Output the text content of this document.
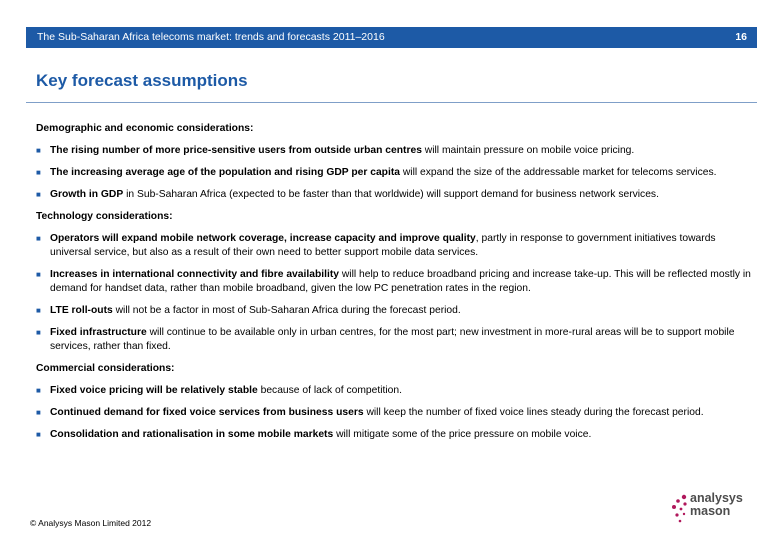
The Sub-Saharan Africa telecoms market: trends and forecasts 2011–2016	16
Key forecast assumptions

Demographic and economic considerations:

■ The rising number of more price-sensitive users from outside urban centres will maintain pressure on mobile voice pricing.

■ The increasing average age of the population and rising GDP per capita will expand the size of the addressable market for telecoms services.

■ Growth in GDP in Sub-Saharan Africa (expected to be faster than that worldwide) will support demand for business network services.

Technology considerations:

■ Operators will expand mobile network coverage, increase capacity and improve quality, partly in response to government initiatives towards universal service, but also as a result of their own need to better support mobile data services.

■ Increases in international connectivity and fibre availability will help to reduce broadband pricing and increase take-up. This will be reflected mostly in demand for handset data, rather than mobile broadband, given the low PC penetration rates in the region.

■ LTE roll-outs will not be a factor in most of Sub-Saharan Africa during the forecast period.

■ Fixed infrastructure will continue to be available only in urban centres, for the most part; new investment in more-rural areas will be to support mobile services, rather than fixed.

Commercial considerations:

■ Fixed voice pricing will be relatively stable because of lack of competition.

■ Continued demand for fixed voice services from business users will keep the number of fixed voice lines steady during the forecast period.

■ Consolidation and rationalisation in some mobile markets will mitigate some of the price pressure on mobile voice.

© Analysys Mason Limited 2012
analysys
mason
